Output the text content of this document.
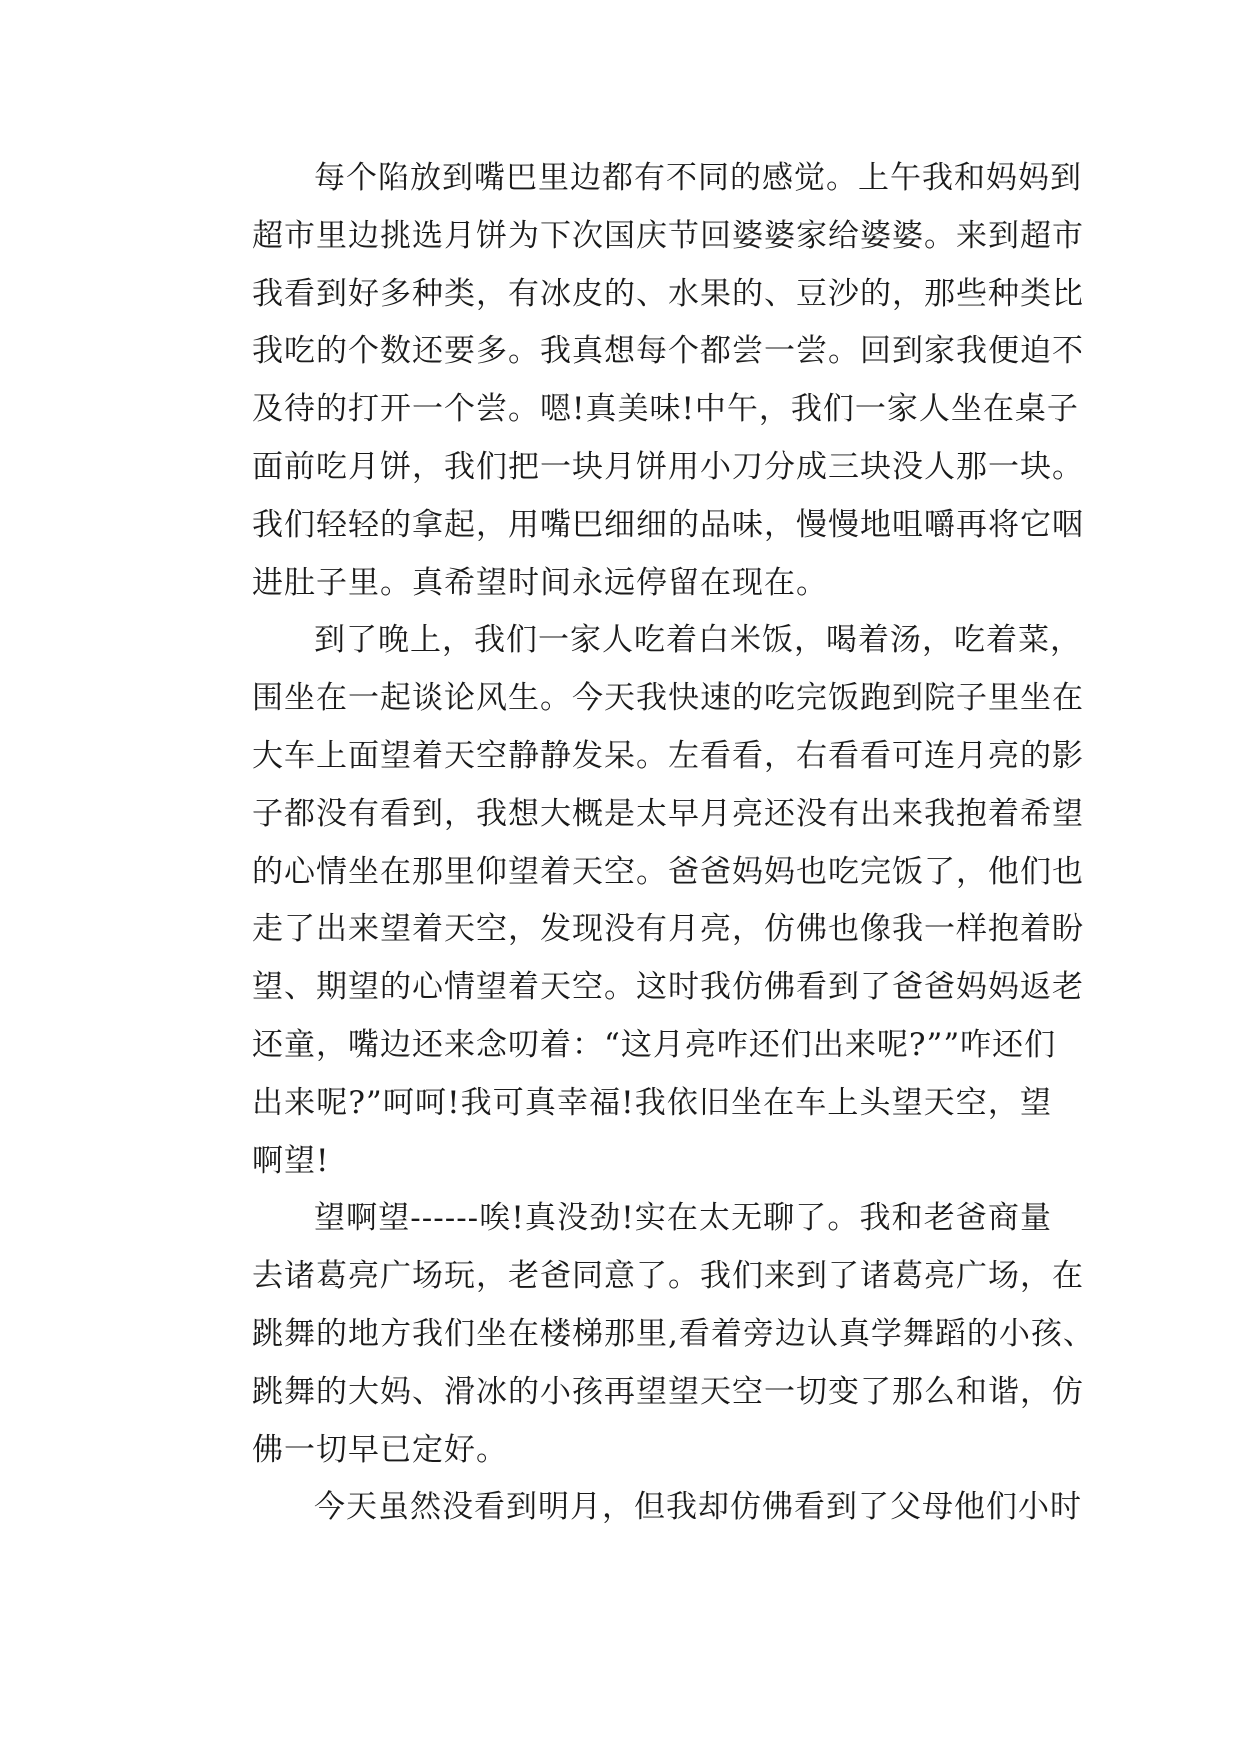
每个陷放到嘴巴里边都有不同的感觉。上午我和妈妈到
超市里边挑选月饼为下次国庆节回婆婆家给婆婆。来到超市
我看到好多种类，有冰皮的、水果的、豆沙的，那些种类比
我吃的个数还要多。我真想每个都尝一尝。回到家我便迫不
及待的打开一个尝。嗯!真美味!中午，我们一家人坐在桌子
面前吃月饼，我们把一块月饼用小刀分成三块没人那一块。
我们轻轻的拿起，用嘴巴细细的品味，慢慢地咀嚼再将它咽
进肚子里。真希望时间永远停留在现在。
到了晚上，我们一家人吃着白米饭，喝着汤，吃着菜，
围坐在一起谈论风生。今天我快速的吃完饭跑到院子里坐在
大车上面望着天空静静发呆。左看看，右看看可连月亮的影
子都没有看到，我想大概是太早月亮还没有出来我抱着希望
的心情坐在那里仰望着天空。爸爸妈妈也吃完饭了，他们也
走了出来望着天空，发现没有月亮，仿佛也像我一样抱着盼
望、期望的心情望着天空。这时我仿佛看到了爸爸妈妈返老
还童，嘴边还来念叨着：“这月亮咋还们出来呢?””咋还们
出来呢?”呵呵!我可真幸福!我依旧坐在车上头望天空，望
啊望!
望啊望------唉!真没劲!实在太无聊了。我和老爸商量
去诸葛亮广场玩，老爸同意了。我们来到了诸葛亮广场，在
跳舞的地方我们坐在楼梯那里,看着旁边认真学舞蹈的小孩、
跳舞的大妈、滑冰的小孩再望望天空一切变了那么和谐，仿
佛一切早已定好。
今天虽然没看到明月，但我却仿佛看到了父母他们小时
